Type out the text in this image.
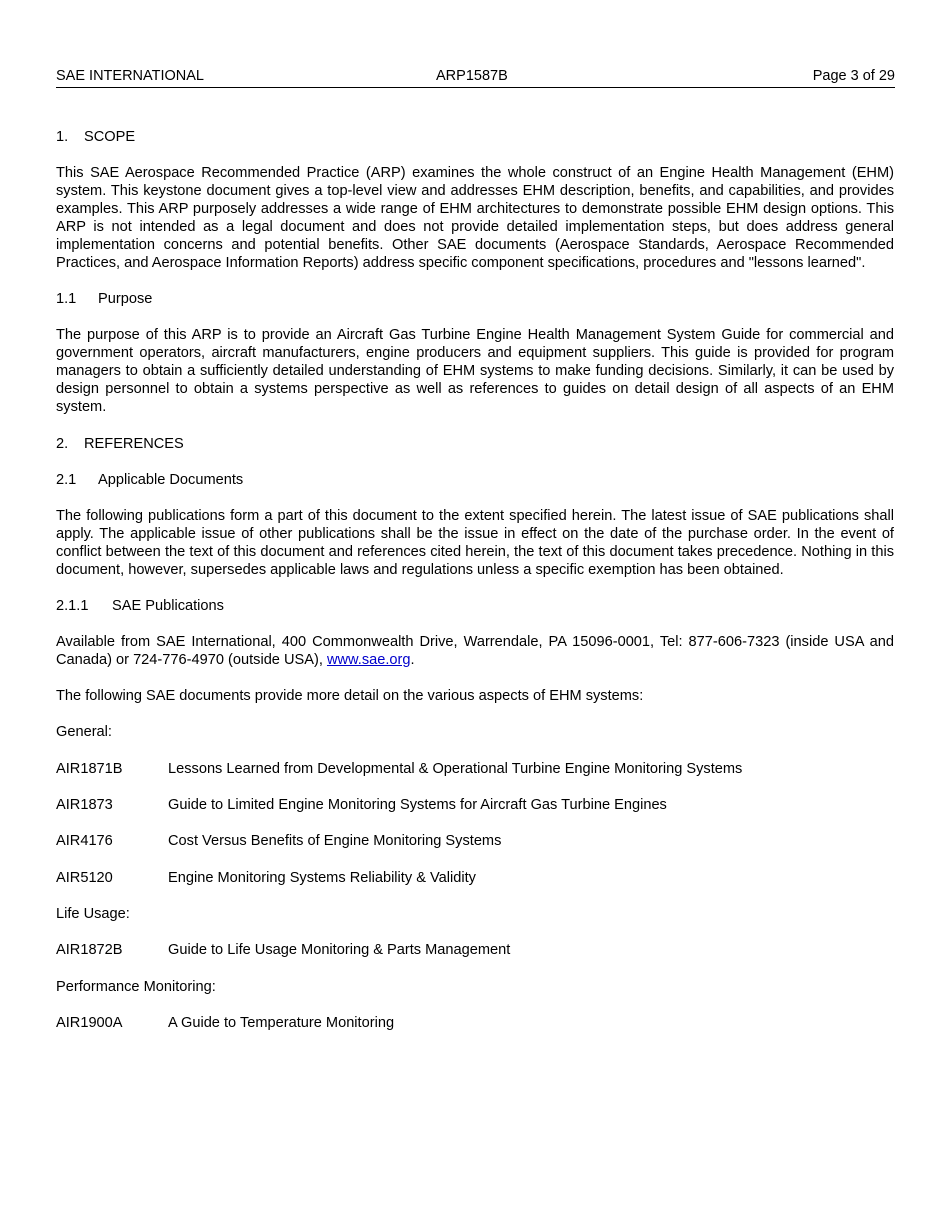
SAE INTERNATIONAL	ARP1587B	Page 3 of 29
1. SCOPE

This SAE Aerospace Recommended Practice (ARP) examines the whole construct of an Engine Health Management (EHM) system. This keystone document gives a top-level view and addresses EHM description, benefits, and capabilities, and provides examples. This ARP purposely addresses a wide range of EHM architectures to demonstrate possible EHM design options. This ARP is not intended as a legal document and does not provide detailed implementation steps, but does address general implementation concerns and potential benefits. Other SAE documents (Aerospace Standards, Aerospace Recommended Practices, and Aerospace Information Reports) address specific component specifications, procedures and "lessons learned".

1.1 Purpose

The purpose of this ARP is to provide an Aircraft Gas Turbine Engine Health Management System Guide for commercial and government operators, aircraft manufacturers, engine producers and equipment suppliers. This guide is provided for program managers to obtain a sufficiently detailed understanding of EHM systems to make funding decisions. Similarly, it can be used by design personnel to obtain a systems perspective as well as references to guides on detail design of all aspects of an EHM system.

2. REFERENCES
2.1 Applicable Documents

The following publications form a part of this document to the extent specified herein. The latest issue of SAE publications shall apply. The applicable issue of other publications shall be the issue in effect on the date of the purchase order. In the event of conflict between the text of this document and references cited herein, the text of this document takes precedence. Nothing in this document, however, supersedes applicable laws and regulations unless a specific exemption has been obtained.

2.1.1 SAE Publications

Available from SAE International, 400 Commonwealth Drive, Warrendale, PA 15096-0001, Tel: 877-606-7323 (inside USA and Canada) or 724-776-4970 (outside USA), www.sae.org.

The following SAE documents provide more detail on the various aspects of EHM systems:

General:
AIR1871B	Lessons Learned from Developmental & Operational Turbine Engine Monitoring Systems
AIR1873	Guide to Limited Engine Monitoring Systems for Aircraft Gas Turbine Engines
AIR4176	Cost Versus Benefits of Engine Monitoring Systems
AIR5120	Engine Monitoring Systems Reliability & Validity
Life Usage:
AIR1872B	Guide to Life Usage Monitoring & Parts Management
Performance Monitoring:
AIR1900A	A Guide to Temperature Monitoring
